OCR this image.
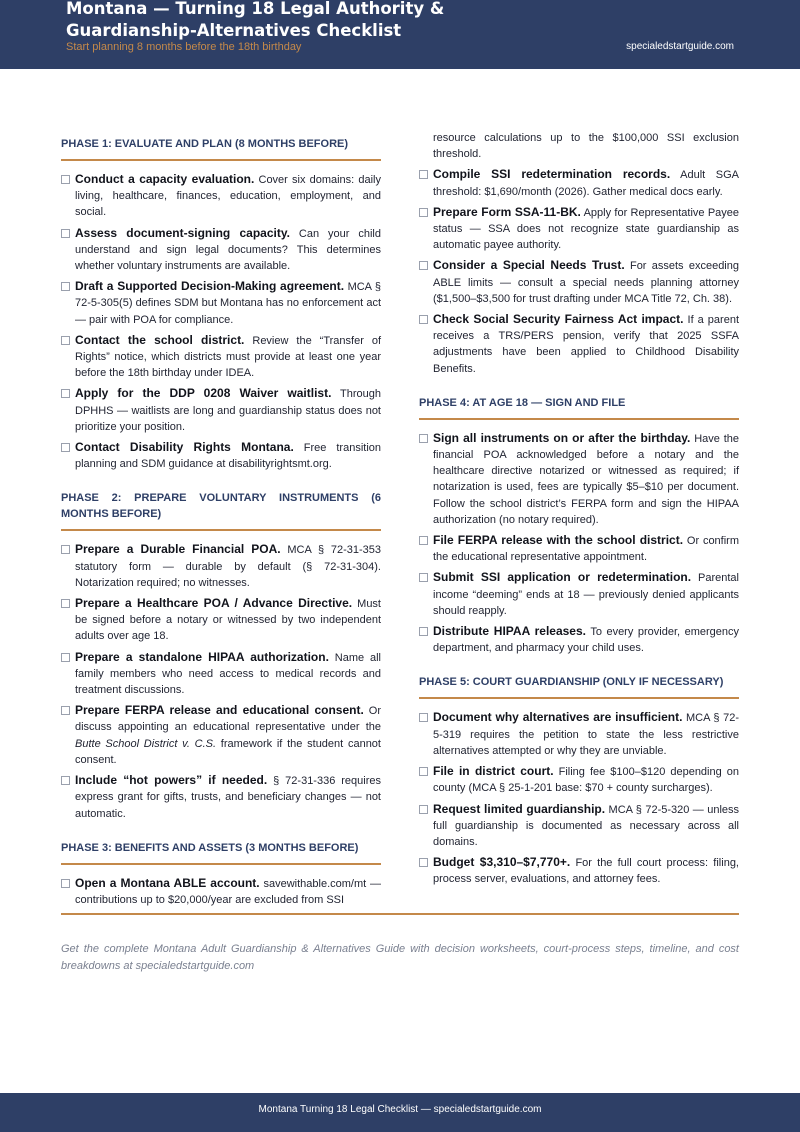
Montana — Turning 18 Legal Authority & Guardianship-Alternatives Checklist
Start planning 8 months before the 18th birthday	specialedstartguide.com
PHASE 1: EVALUATE AND PLAN (8 MONTHS BEFORE)
Conduct a capacity evaluation. Cover six domains: daily living, healthcare, finances, education, employment, and social.
Assess document-signing capacity. Can your child understand and sign legal documents? This determines whether voluntary instruments are available.
Draft a Supported Decision-Making agreement. MCA § 72-5-305(5) defines SDM but Montana has no enforcement act — pair with POA for compliance.
Contact the school district. Review the “Transfer of Rights” notice, which districts must provide at least one year before the 18th birthday under IDEA.
Apply for the DDP 0208 Waiver waitlist. Through DPHHS — waitlists are long and guardianship status does not prioritize your position.
Contact Disability Rights Montana. Free transition planning and SDM guidance at disabilityrightsmt.org.
PHASE 2: PREPARE VOLUNTARY INSTRUMENTS (6 MONTHS BEFORE)
Prepare a Durable Financial POA. MCA § 72-31-353 statutory form — durable by default (§ 72-31-304). Notarization required; no witnesses.
Prepare a Healthcare POA / Advance Directive. Must be signed before a notary or witnessed by two independent adults over age 18.
Prepare a standalone HIPAA authorization. Name all family members who need access to medical records and treatment discussions.
Prepare FERPA release and educational consent. Or discuss appointing an educational representative under the Butte School District v. C.S. framework if the student cannot consent.
Include “hot powers” if needed. § 72-31-336 requires express grant for gifts, trusts, and beneficiary changes — not automatic.
PHASE 3: BENEFITS AND ASSETS (3 MONTHS BEFORE)
Open a Montana ABLE account. savewithable.com/mt — contributions up to $20,000/year are excluded from SSI
resource calculations up to the $100,000 SSI exclusion threshold.
Compile SSI redetermination records. Adult SGA threshold: $1,690/month (2026). Gather medical docs early.
Prepare Form SSA-11-BK. Apply for Representative Payee status — SSA does not recognize state guardianship as automatic payee authority.
Consider a Special Needs Trust. For assets exceeding ABLE limits — consult a special needs planning attorney ($1,500–$3,500 for trust drafting under MCA Title 72, Ch. 38).
Check Social Security Fairness Act impact. If a parent receives a TRS/PERS pension, verify that 2025 SSFA adjustments have been applied to Childhood Disability Benefits.
PHASE 4: AT AGE 18 — SIGN AND FILE
Sign all instruments on or after the birthday. Have the financial POA acknowledged before a notary and the healthcare directive notarized or witnessed as required; if notarization is used, fees are typically $5–$10 per document. Follow the school district’s FERPA form and sign the HIPAA authorization (no notary required).
File FERPA release with the school district. Or confirm the educational representative appointment.
Submit SSI application or redetermination. Parental income “deeming” ends at 18 — previously denied applicants should reapply.
Distribute HIPAA releases. To every provider, emergency department, and pharmacy your child uses.
PHASE 5: COURT GUARDIANSHIP (ONLY IF NECESSARY)
Document why alternatives are insufficient. MCA § 72-5-319 requires the petition to state the less restrictive alternatives attempted or why they are unviable.
File in district court. Filing fee $100–$120 depending on county (MCA § 25-1-201 base: $70 + county surcharges).
Request limited guardianship. MCA § 72-5-320 — unless full guardianship is documented as necessary across all domains.
Budget $3,310–$7,770+. For the full court process: filing, process server, evaluations, and attorney fees.
Get the complete Montana Adult Guardianship & Alternatives Guide with decision worksheets, court-process steps, timeline, and cost breakdowns at specialedstartguide.com
Montana Turning 18 Legal Checklist — specialedstartguide.com
